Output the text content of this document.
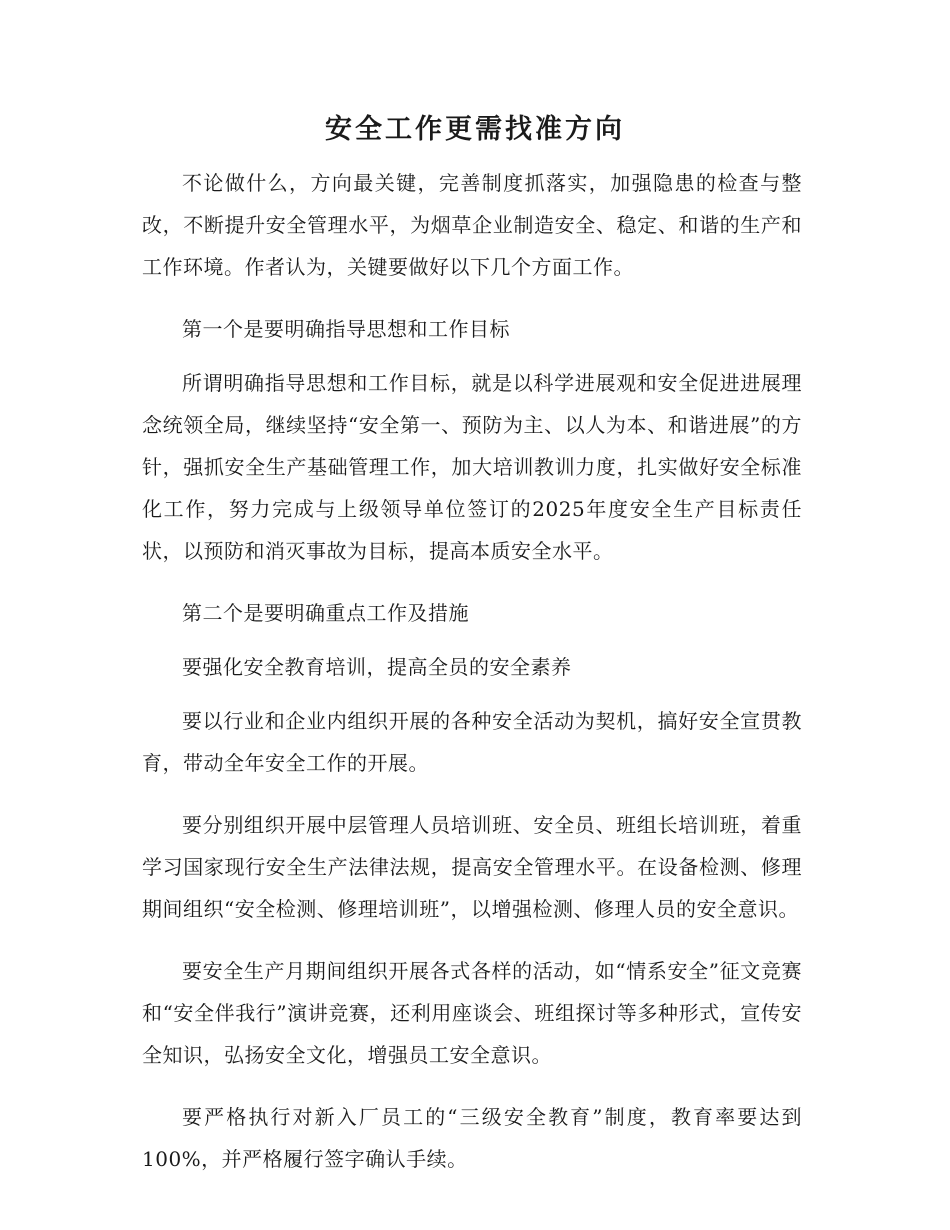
安全工作更需找准方向

不论做什么，方向最关键，完善制度抓落实，加强隐患的检查与整改，不断提升安全管理水平，为烟草企业制造安全、稳定、和谐的生产和工作环境。作者认为，关键要做好以下几个方面工作。

第一个是要明确指导思想和工作目标

所谓明确指导思想和工作目标，就是以科学进展观和安全促进进展理念统领全局，继续坚持“安全第一、预防为主、以人为本、和谐进展”的方针，强抓安全生产基础管理工作，加大培训教训力度，扎实做好安全标准化工作，努力完成与上级领导单位签订的2025年度安全生产目标责任状，以预防和消灭事故为目标，提高本质安全水平。

第二个是要明确重点工作及措施

要强化安全教育培训，提高全员的安全素养

要以行业和企业内组织开展的各种安全活动为契机，搞好安全宣贯教育，带动全年安全工作的开展。

要分别组织开展中层管理人员培训班、安全员、班组长培训班，着重学习国家现行安全生产法律法规，提高安全管理水平。在设备检测、修理期间组织“安全检测、修理培训班”，以增强检测、修理人员的安全意识。

要安全生产月期间组织开展各式各样的活动，如“情系安全”征文竞赛和“安全伴我行”演讲竞赛，还利用座谈会、班组探讨等多种形式，宣传安全知识，弘扬安全文化，增强员工安全意识。

要严格执行对新入厂员工的“三级安全教育”制度，教育率要达到100%，并严格履行签字确认手续。
